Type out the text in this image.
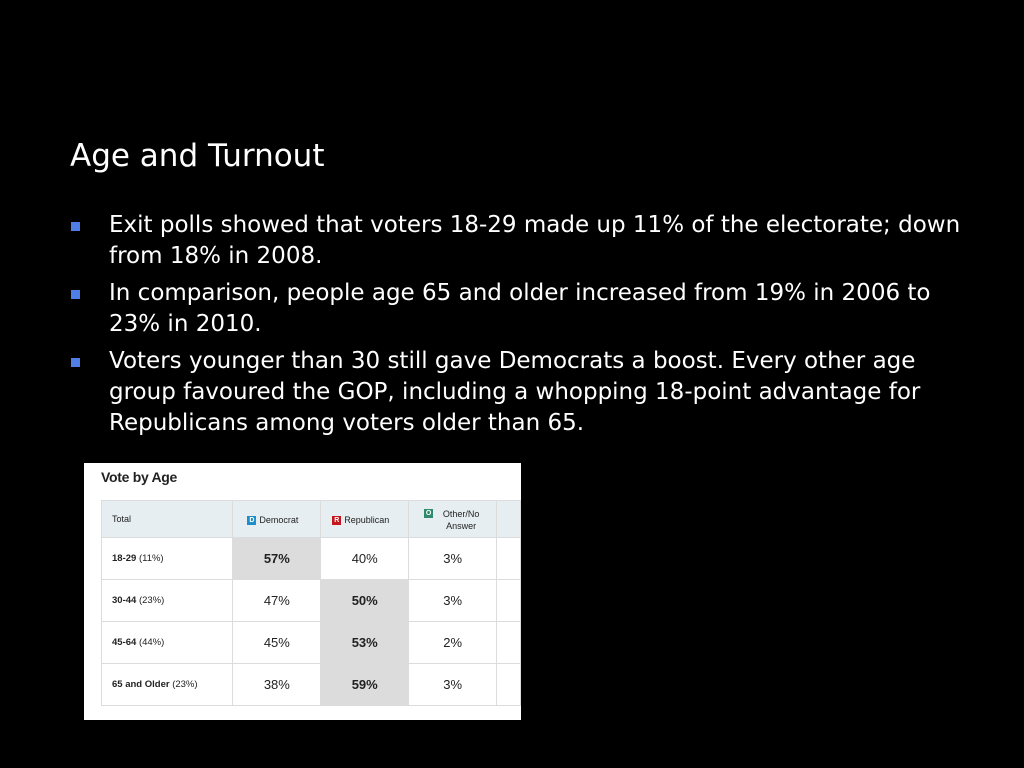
Age and Turnout
Exit polls showed that voters 18-29 made up 11% of the electorate; down from 18% in 2008.
In comparison, people age 65 and older increased from 19% in 2006 to 23% in 2010.
Voters younger than 30 still gave Democrats a boost. Every other age group favoured the GOP, including a whopping 18-point advantage for Republicans among voters older than 65.
Vote by Age
Total	D Democrat	R Republican	O Other/No Answer	

18-29 (11%)	57%	40%	3%	
30-44 (23%)	47%	50%	3%	
45-64 (44%)	45%	53%	2%	
65 and Older (23%)	38%	59%	3%	
